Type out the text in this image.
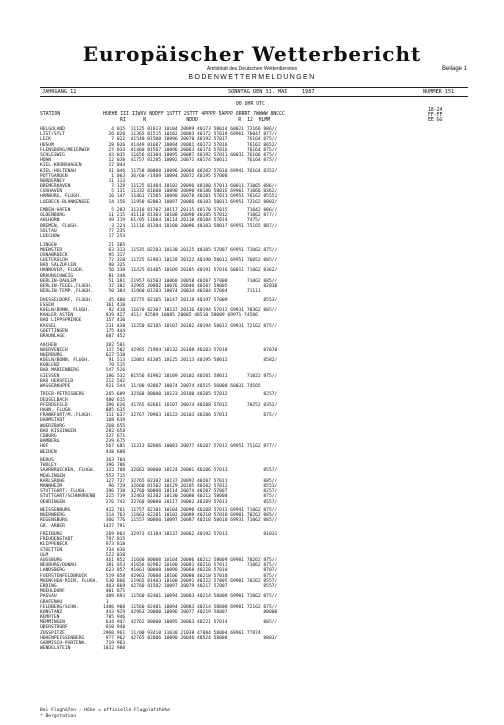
Europäischer Wetterbericht
Amtsblatt des Deutschen Wetterdienstes
BODENWETTERMELDUNGEN
Beilage 1
JAHRGANG 12	SONNTAG DEN 31. MAI	1987	NUMMER 151

00 UHR UTC

18-24

STATION

	HOEHE III IIWVV NDDFF 1STTT 2STTT 4PPPP 5APPP 6RRRT 7WWWW 8NCCC

	FF-FF

RI      N              NDDD              R  12  HLMM

	EE GG

HELGOLAND	4 015  11125 81613 10104 20099 40173 58014 60021 72166 886//
LIST/SYLT	26 020  11365 81515 10102 20083 40172 57019 69961 76047 877//
LECK	7 022  41540 81508 10096 20070 40192 57017       76164 875//
HUSUM	28 026  41449 81607 10094 20081 40173 57016       76162 8652/
FLENSBURG/MEIERWIK	27 033  41460 81507 10096 20063 40174 57016       76164 875//
SCHLESWIG	43 035  11656 81304 10095 20087 40192 57011 60031 76166 875//
HOHN	12 038  41757 81205 10092 20071 40174 58011       76164 875//
KIEL-KRONSHAGEN	17 044
KIEL-HOLTENAU	31 046  11758 80000 10096 20066 40202 57010 69941 76164 8352/
PUTTGARDEN	1 063  36/60 /1409 10094 20072 40195 57008
NORDERNEY	11 113
BREMERHAVEN	7 129  11125 81404 10102 20096 40180 57011 60011 71065 886//
CUXHAVEN	5 131  11332 81608 10098 20090 40180 58015 69961 71066 8362/
HAMBURG, FLUGH.	16 147  11461 71505 10098 20078 40201 57011 69951 76162 85551
LUEBECK-BLANKENSEE	14 156  11950 82003 10097 20086 40183 58011 69951 72162 8802/
EMDEN-HAFEN	5 203  31310 81707 10117 20115 40170 57015       71042 886//
OLDENBURG	11 215  41110 81303 10108 20098 40185 57012       71062 877//
AHLHORN	49 219  61/05 11604 10114 20110 40184 57014       7475/
BREMEN, FLUGH.	3 224  11116 81204 10100 20096 40183 58017 69951 75165 887//
SOLTAU	77 235
LUECHOW	17 253
LINGEN	21 305
MUENSTER	62 313  11535 82203 10130 20125 40185 57007 69951 71062 875//
OSNABRUECK	95 317
GUETERSLOH	72 320  11725 61903 10128 20122 40190 58012 69951 76052 885//
BAD SALZUFLEN	98 325
HANNOVER, FLUGH.	56 338  11425 81405 10109 20105 40191 57016 60011 71062 8362/
BRAUNSCHWEIG	81 348
BERLIN-DAHLEM	51 381  21957 61503 10068 20058 40207 57008       71062 885//
BERLIN-TEGEL,FLUGH. 37 382  32965 20802 10076 20040 40207 58005             82030
BERLIN-TEMP.,FLUGH. 50 384  31960 01203 10074 20034 40204 57004       71111
DUESSELDORF, FLUGH. 45 400  32775 82105 10147 20118 40197 57009             8553/
ESSEN	161 410
KOELN/BONN, FLUGH.	92 410  11670 82307 10137 20116 40194 57012 69931 70362 885//
KAHLER ASTEN	839 427  411/ 92509 10085 20085 48510 58009 69971 74586
BAD LIPPSPRINGE	157 430
KASSEL	231 438  11250 82105 10107 20102 40194 58012 69931 72162 875//
GOETTINGEN	175 444
BRAUNLAGE	607 452
AACHEN	202 501
NOERVENICH	117 502  42965 71904 10132 20108 40203 57010             87070
NUERBURG	627 510
KOELN/BONN, FLUGH.	91 513  12081 81305 10125 20113 40195 58012             8582/
KOBLENZ	70 515
BAD MARIENBERG	547 526
GIESSEN	186 532  81556 81902 10109 20102 40201 58011       71022 875//
BAD HERSFELD	212 542
WASSERKUPPE	921 544  11/00 92807 10074 20074 48515 56008 60031 74565
TRIER-PETRISBERG	265 609  32568 80000 10123 20100 40205 57012             8257/
DEUSELBACH	480 615
PFERDSFELD	396 626  41765 82601 10107 20074 40208 57012       70252 8352/
HAHN, FLUGH.	805 635
FRANKFURT/M.,FLUGH. 111 637  32767 70903 10122 20103 40206 57013             875//
DARMSTADT	108 639
WUERZBURG	268 655
BAD KISSINGEN	282 658
COBURG	337 671
BAMBERG	239 675
HOF	567 685  11213 82606 10083 20077 40207 57012 69951 75162 877//
WEIDEN	438 688
BERUS	363 704
THOLEY	396 706
SAARBRUECKEN, FLUGH. 322 708  32662 80000 10124 20081 40206 57013             8557/
MEHLINGEN	553 715
KARLSRUHE	127 727  32765 82102 10137 20092 40207 57011             885//
MANNHEIM	96 729  32660 81502 10129 20105 40202 57012             8553/
STUTTGART, FLUGH.	396 738  32760 80000 10114 20074 40207 57007             8257/
STUTTGART/SCHNARRENB 315 739  32463 81302 10130 20080 40212 58008             875//
OEHRINGEN	276 742  32760 80000 10117 20082 40209 57013             8557/
WEISSENBURG	422 761  11757 82101 10104 20090 40208 57013 69941 71062 875//
NUERNBERG	314 763  11663 82201 10102 20089 40210 57010 69901 70262 885//
REGENSBURG	366 776  11557 80000 10097 20087 40210 58010 69931 71062 885//
GR. ARBER	1437 791
FREIBURG	269 803  32973 41104 10137 20062 40192 57013             81031
FREUDENSTADT	797 815
KLIPPENECK	973 818
STOETTEN	734 836
ULM	522 838
AUGSBURG	461 852  11660 80000 10104 20086 40212 58009 69901 70262 875//
NEUBURG/DONAU	381 853  41656 82902 10100 20081 40216 57011       71062 875//
LANDSBERG	623 857  41661 80000 10098 20068 40220 57010             8707/
FUERSTENFELDBRUCK	519 858  42962 70000 10106 20080 40218 57010             875//
MUENCHEN-RIEM, FLUGH. 530 866  11965 81403 10100 20091 40222 57005 69901 70262 8557/
ERDING	463 869  42760 81502 10097 20079 40217 57007             8557/
MUEHLDORF	401 875
PASSAU	409 893  11560 82401 10094 20083 40214 58008 69901 71062 875//
GRAFENAU	1
FELDBERG/SCHW.	1486 908  11560 82401 10094 20083 40214 58008 69901 72162 875//
KONSTANZ	443 929  42963 20000 10096 20077 40219 58007             80000
KEMPTEN	705 946
MEMMINGEN	634 947  42762 80000 10095 20063 40221 57014             885//
OBERSTDORF	810 948
ZUGSPITZE	2960 961  11/00 93410 11038 21038 47084 58004 69961 77874
HOHENPEISSENBERG	977 962  42765 82006 10090 20046 48524 58008             8803/
GARMISCH-PARTENK.	719 963
WENDELSTEIN	1832 980
Bei Flughäfen : Höhe = offizielle Flugplatzhöhe
* Bergstation
